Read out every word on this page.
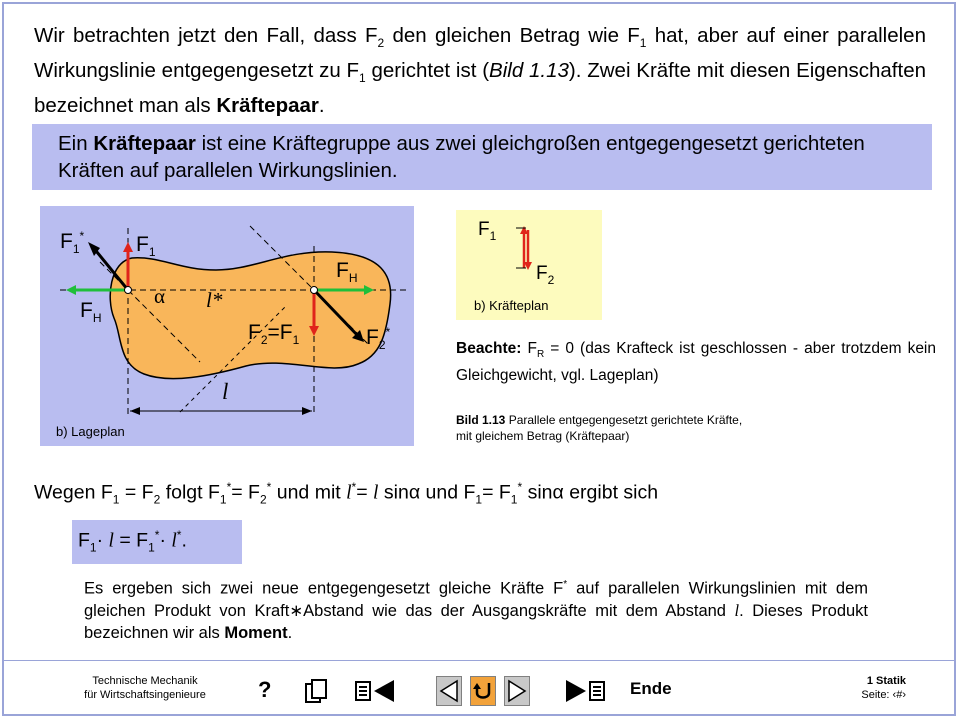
Wir betrachten jetzt den Fall, dass $F_2$ den gleichen Betrag wie $F_1$ hat, aber auf einer parallelen Wirkungslinie entgegengesetzt zu $F_1$ gerichtet ist (Bild 1.13). Zwei Kräfte mit diesen Eigenschaften bezeichnet man als Kräftepaar.

Ein Kräftepaar ist eine Kräftegruppe aus zwei gleichgroßen entgegengesetzt gerichteten Kräften auf parallelen Wirkungslinien.

$F_1^*$ $F_1$
$F_H$
$F_H$
α l*
$F_2=F_1$	$F_2^*$
l
b) Lageplan
$F_1$
$F_2$
b) Kräfteplan
Beachte: $F_R = 0$ (das Krafteck ist geschlossen - aber trotzdem kein Gleichgewicht, vgl. Lageplan)
Bild 1.13 Parallele entgegengesetzt gerichtete Kräfte,
mit gleichem Betrag (Kräftepaar)
Wegen $F_1 = F_2$ folgt $F_1^*= F_2^*$ und mit l*= l sinα und $F_1= F_1^*$ sinα ergibt sich
$F_1\cdot l = F_1^*\cdot l^*$.
Es ergeben sich zwei neue entgegengesetzt gleiche Kräfte F* auf parallelen Wirkungslinien mit dem gleichen Produkt von Kraft∗Abstand wie das der Ausgangskräfte mit dem Abstand l. Dieses Produkt bezeichnen wir als Moment.
Technische Mechanik
für Wirtschaftsingenieure	?	Ende	1 Statik
Seite: ‹#›
